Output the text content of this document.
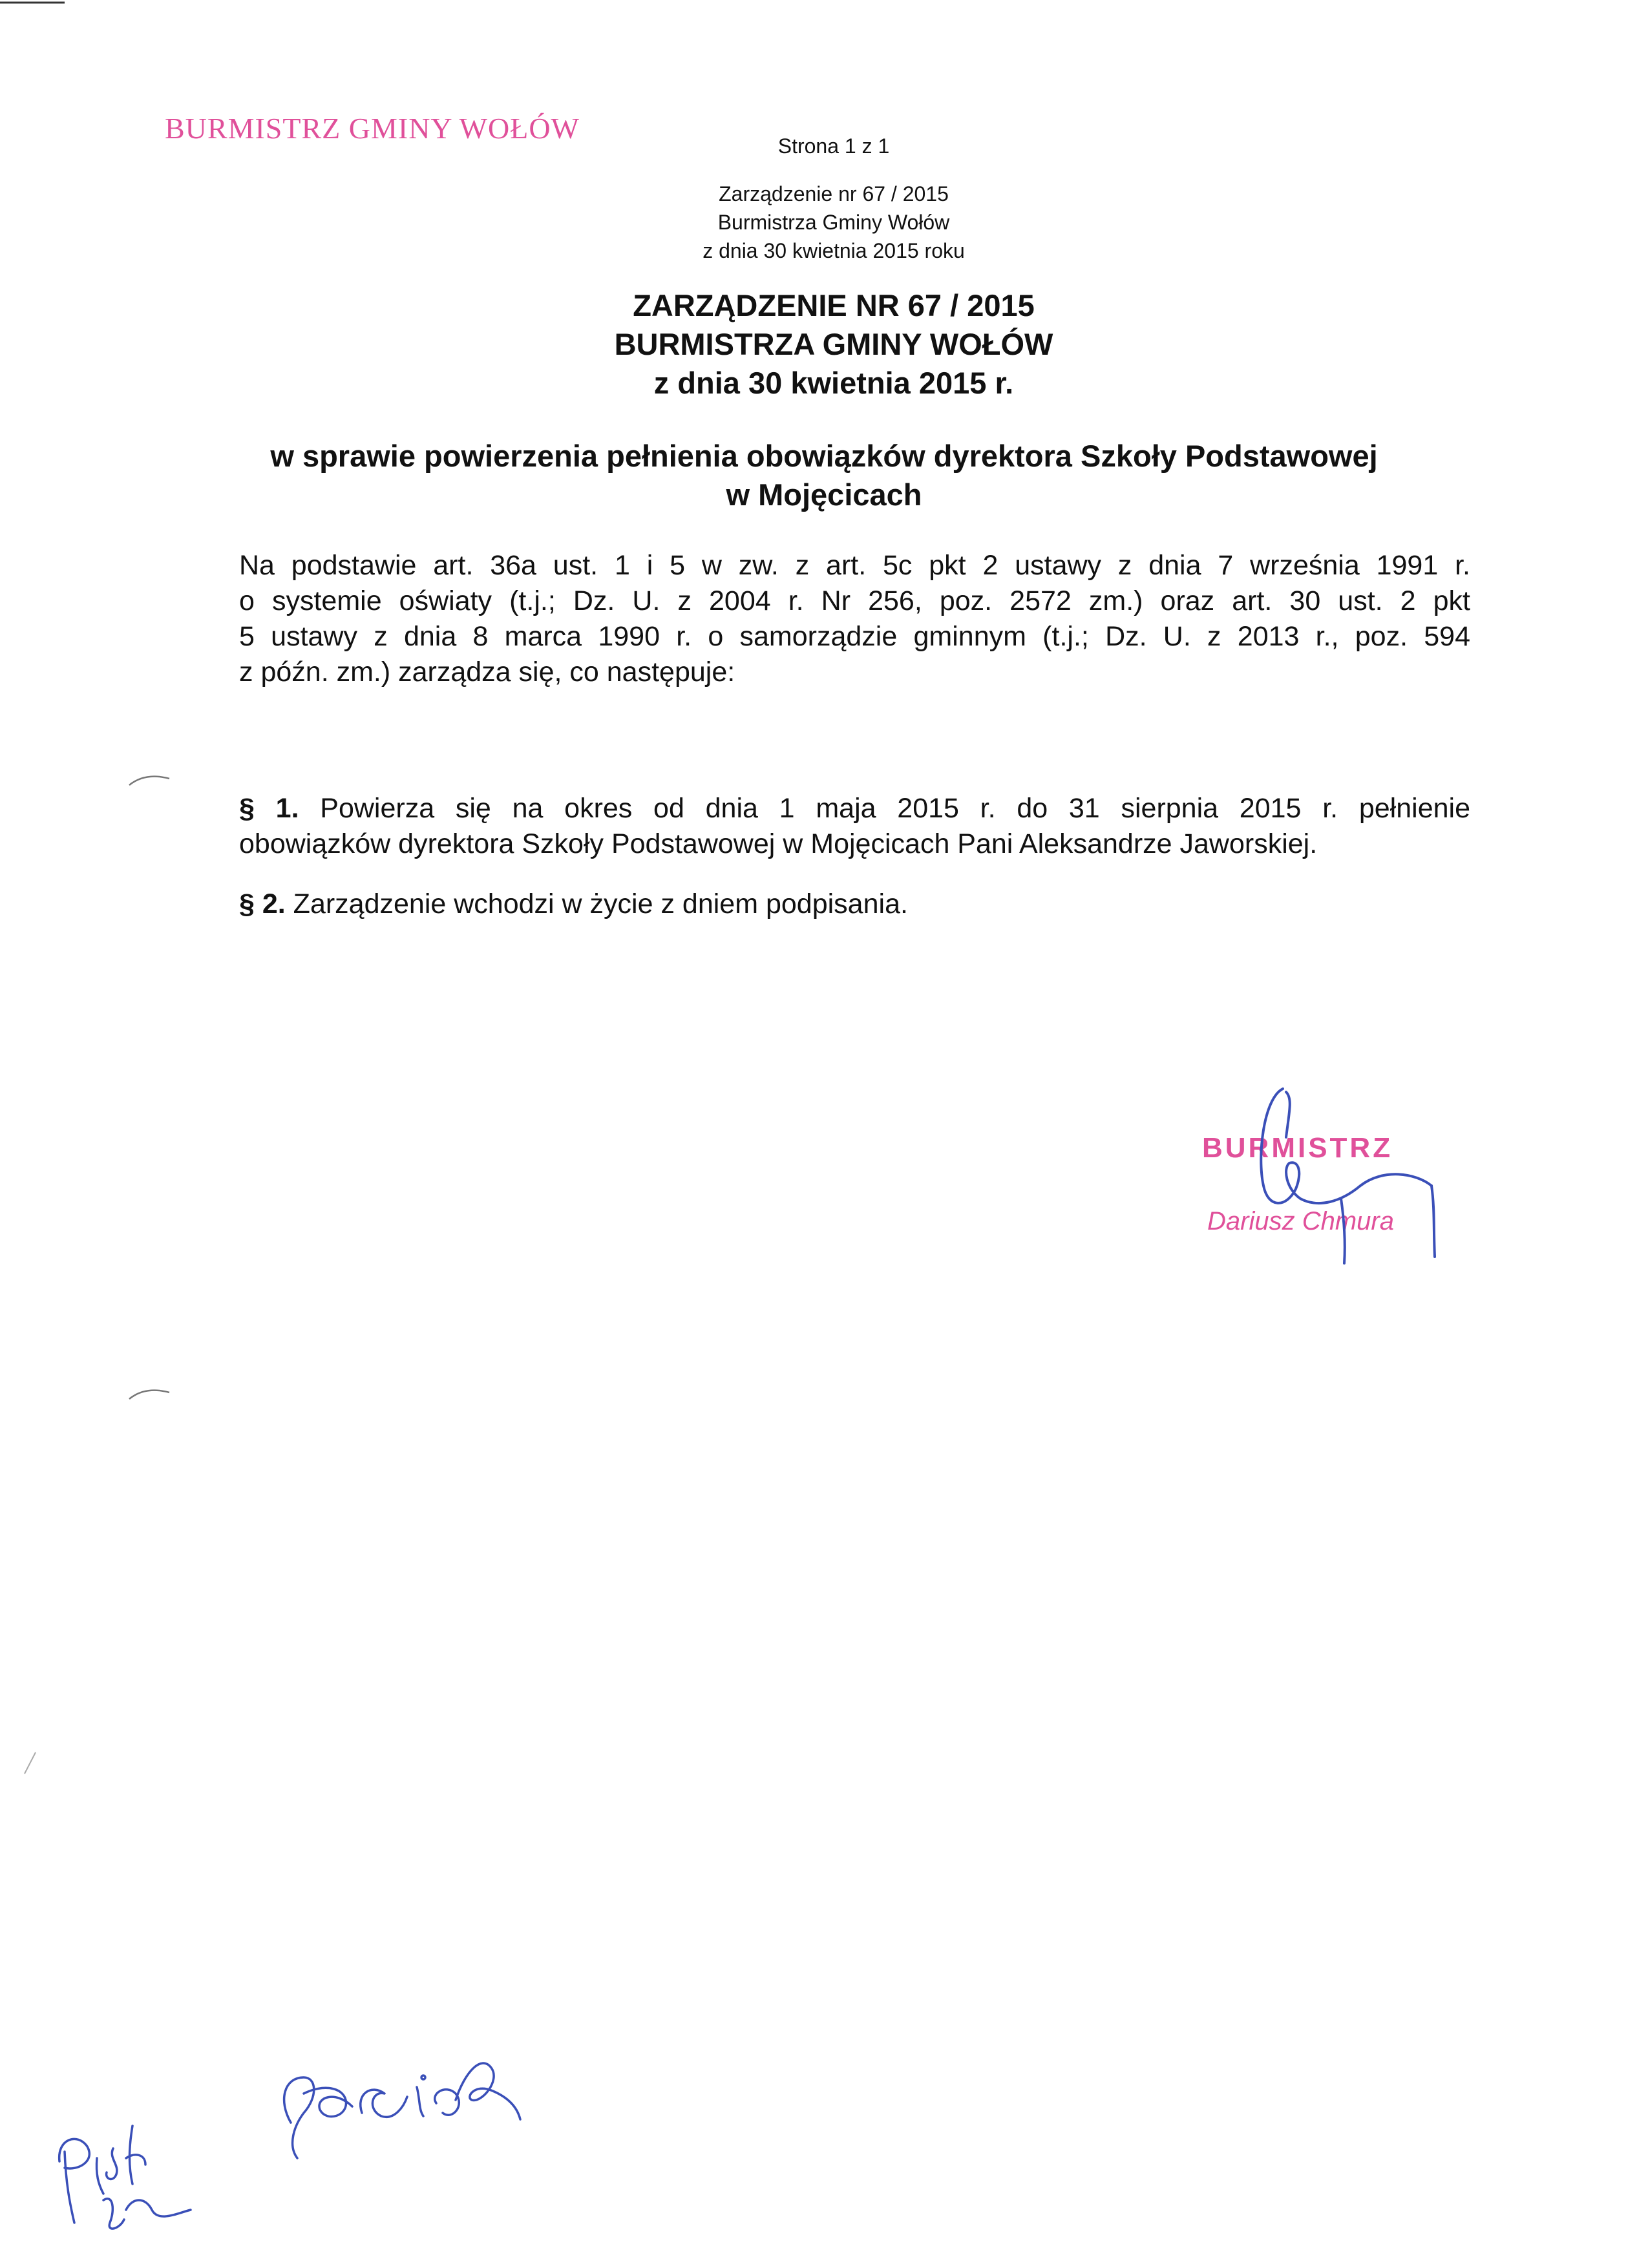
BURMISTRZ GMINY WOŁÓW
Strona 1 z 1
Zarządzenie nr 67 / 2015
Burmistrza Gminy Wołów
z dnia 30 kwietnia 2015 roku
ZARZĄDZENIE NR 67 / 2015
BURMISTRZA GMINY WOŁÓW
z dnia 30 kwietnia 2015 r.
w sprawie powierzenia pełnienia obowiązków dyrektora Szkoły Podstawowej
w Mojęcicach
Na podstawie art. 36a ust. 1 i 5 w zw. z art. 5c pkt 2 ustawy z dnia 7 września 1991 r.
o systemie oświaty (t.j.; Dz. U. z 2004 r. Nr 256, poz. 2572 zm.) oraz art. 30 ust. 2 pkt
5 ustawy z dnia 8 marca 1990 r. o samorządzie gminnym (t.j.; Dz. U. z 2013 r., poz. 594
z późn. zm.) zarządza się, co następuje:
§ 1. Powierza się na okres od dnia 1 maja 2015 r. do 31 sierpnia 2015 r. pełnienie
obowiązków dyrektora Szkoły Podstawowej w Mojęcicach Pani Aleksandrze Jaworskiej.
§ 2. Zarządzenie wchodzi w życie z dniem podpisania.
BURMISTRZ
Dariusz Chmura
